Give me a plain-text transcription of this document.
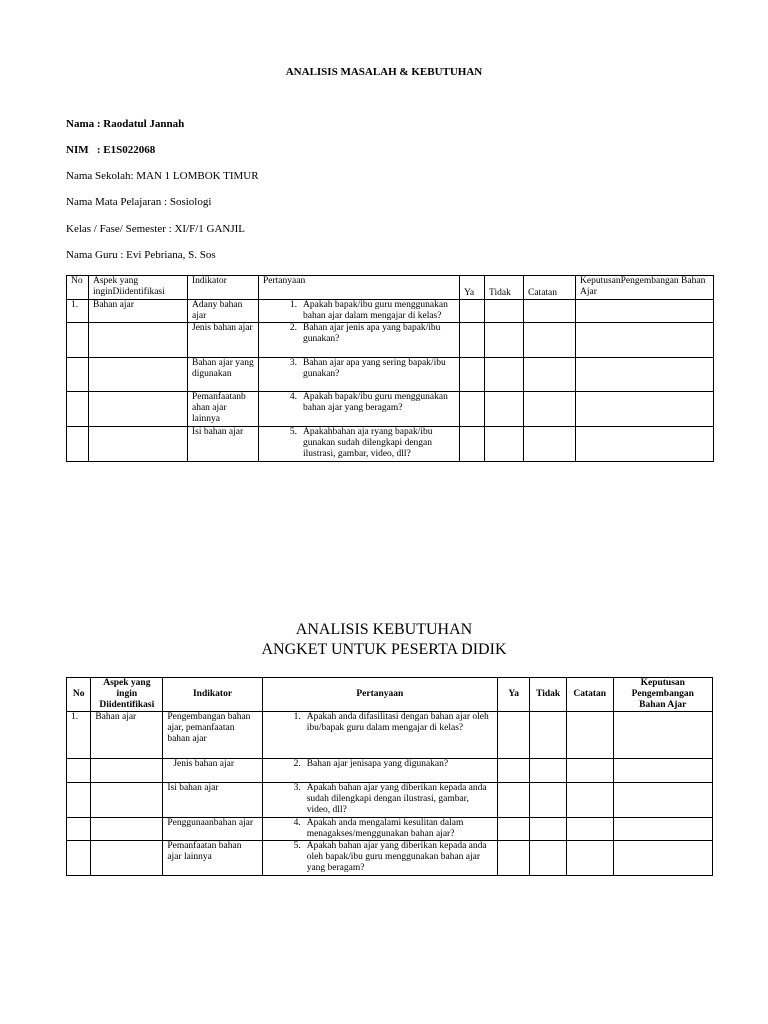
ANALISIS MASALAH & KEBUTUHAN
Nama : Raodatul Jannah
NIM   : E1S022068
Nama Sekolah: MAN 1 LOMBOK TIMUR
Nama Mata Pelajaran : Sosiologi
Kelas / Fase/ Semester : XI/F/1 GANJIL
Nama Guru : Evi Pebriana, S. Sos
No	Aspek yang inginDiidentifikasi	Indikator	Pertanyaan	Ya	Tidak	Catatan	KeputusanPengembangan Bahan Ajar
1.	Bahan ajar	Adany bahan ajar	1. Apakah bapak/ibu guru menggunakan bahan ajar dalam mengajar di kelas?				

		Jenis bahan ajar	2. Bahan ajar jenis apa yang bapak/ibu gunakan?				

		Bahan ajar yang digunakan	3. Bahan ajar apa yang sering bapak/ibu gunakan?				

		Pemanfaatanb ahan ajar lainnya	4. Apakah bapak/ibu guru menggunakan bahan ajar yang beragam?				

		Isi bahan ajar	5. Apakahbahan aja ryang bapak/ibu gunakan sudah dilengkapi dengan ilustrasi, gambar, video, dll?				

ANALISIS KEBUTUHAN
ANGKET UNTUK PESERTA DIDIK
No	Aspek yang ingin Diidentifikasi	Indikator	Pertanyaan	Ya	Tidak	Catatan	Keputusan Pengembangan Bahan Ajar
1.	Bahan ajar	Pengembangan bahan ajar, pemanfaatan bahan ajar	1. Apakah anda difasilitasi dengan bahan ajar oleh ibu/bapak guru dalam mengajar di kelas?				

		Jenis bahan ajar	2. Bahan ajar jenisapa yang digunakan?				

		Isi bahan ajar	3. Apakah bahan ajar yang diberikan kepada anda sudah dilengkapi dengan ilustrasi, gambar, video, dll?				

		Penggunaanbahan ajar	4. Apakah anda mengalami kesulitan dalam menagakses/menggunakan bahan ajar?				

		Pemanfaatan bahan ajar lainnya	5. Apakah bahan ajar yang diberikan kepada anda oleh bapak/ibu guru menggunakan bahan ajar yang beragam?				
